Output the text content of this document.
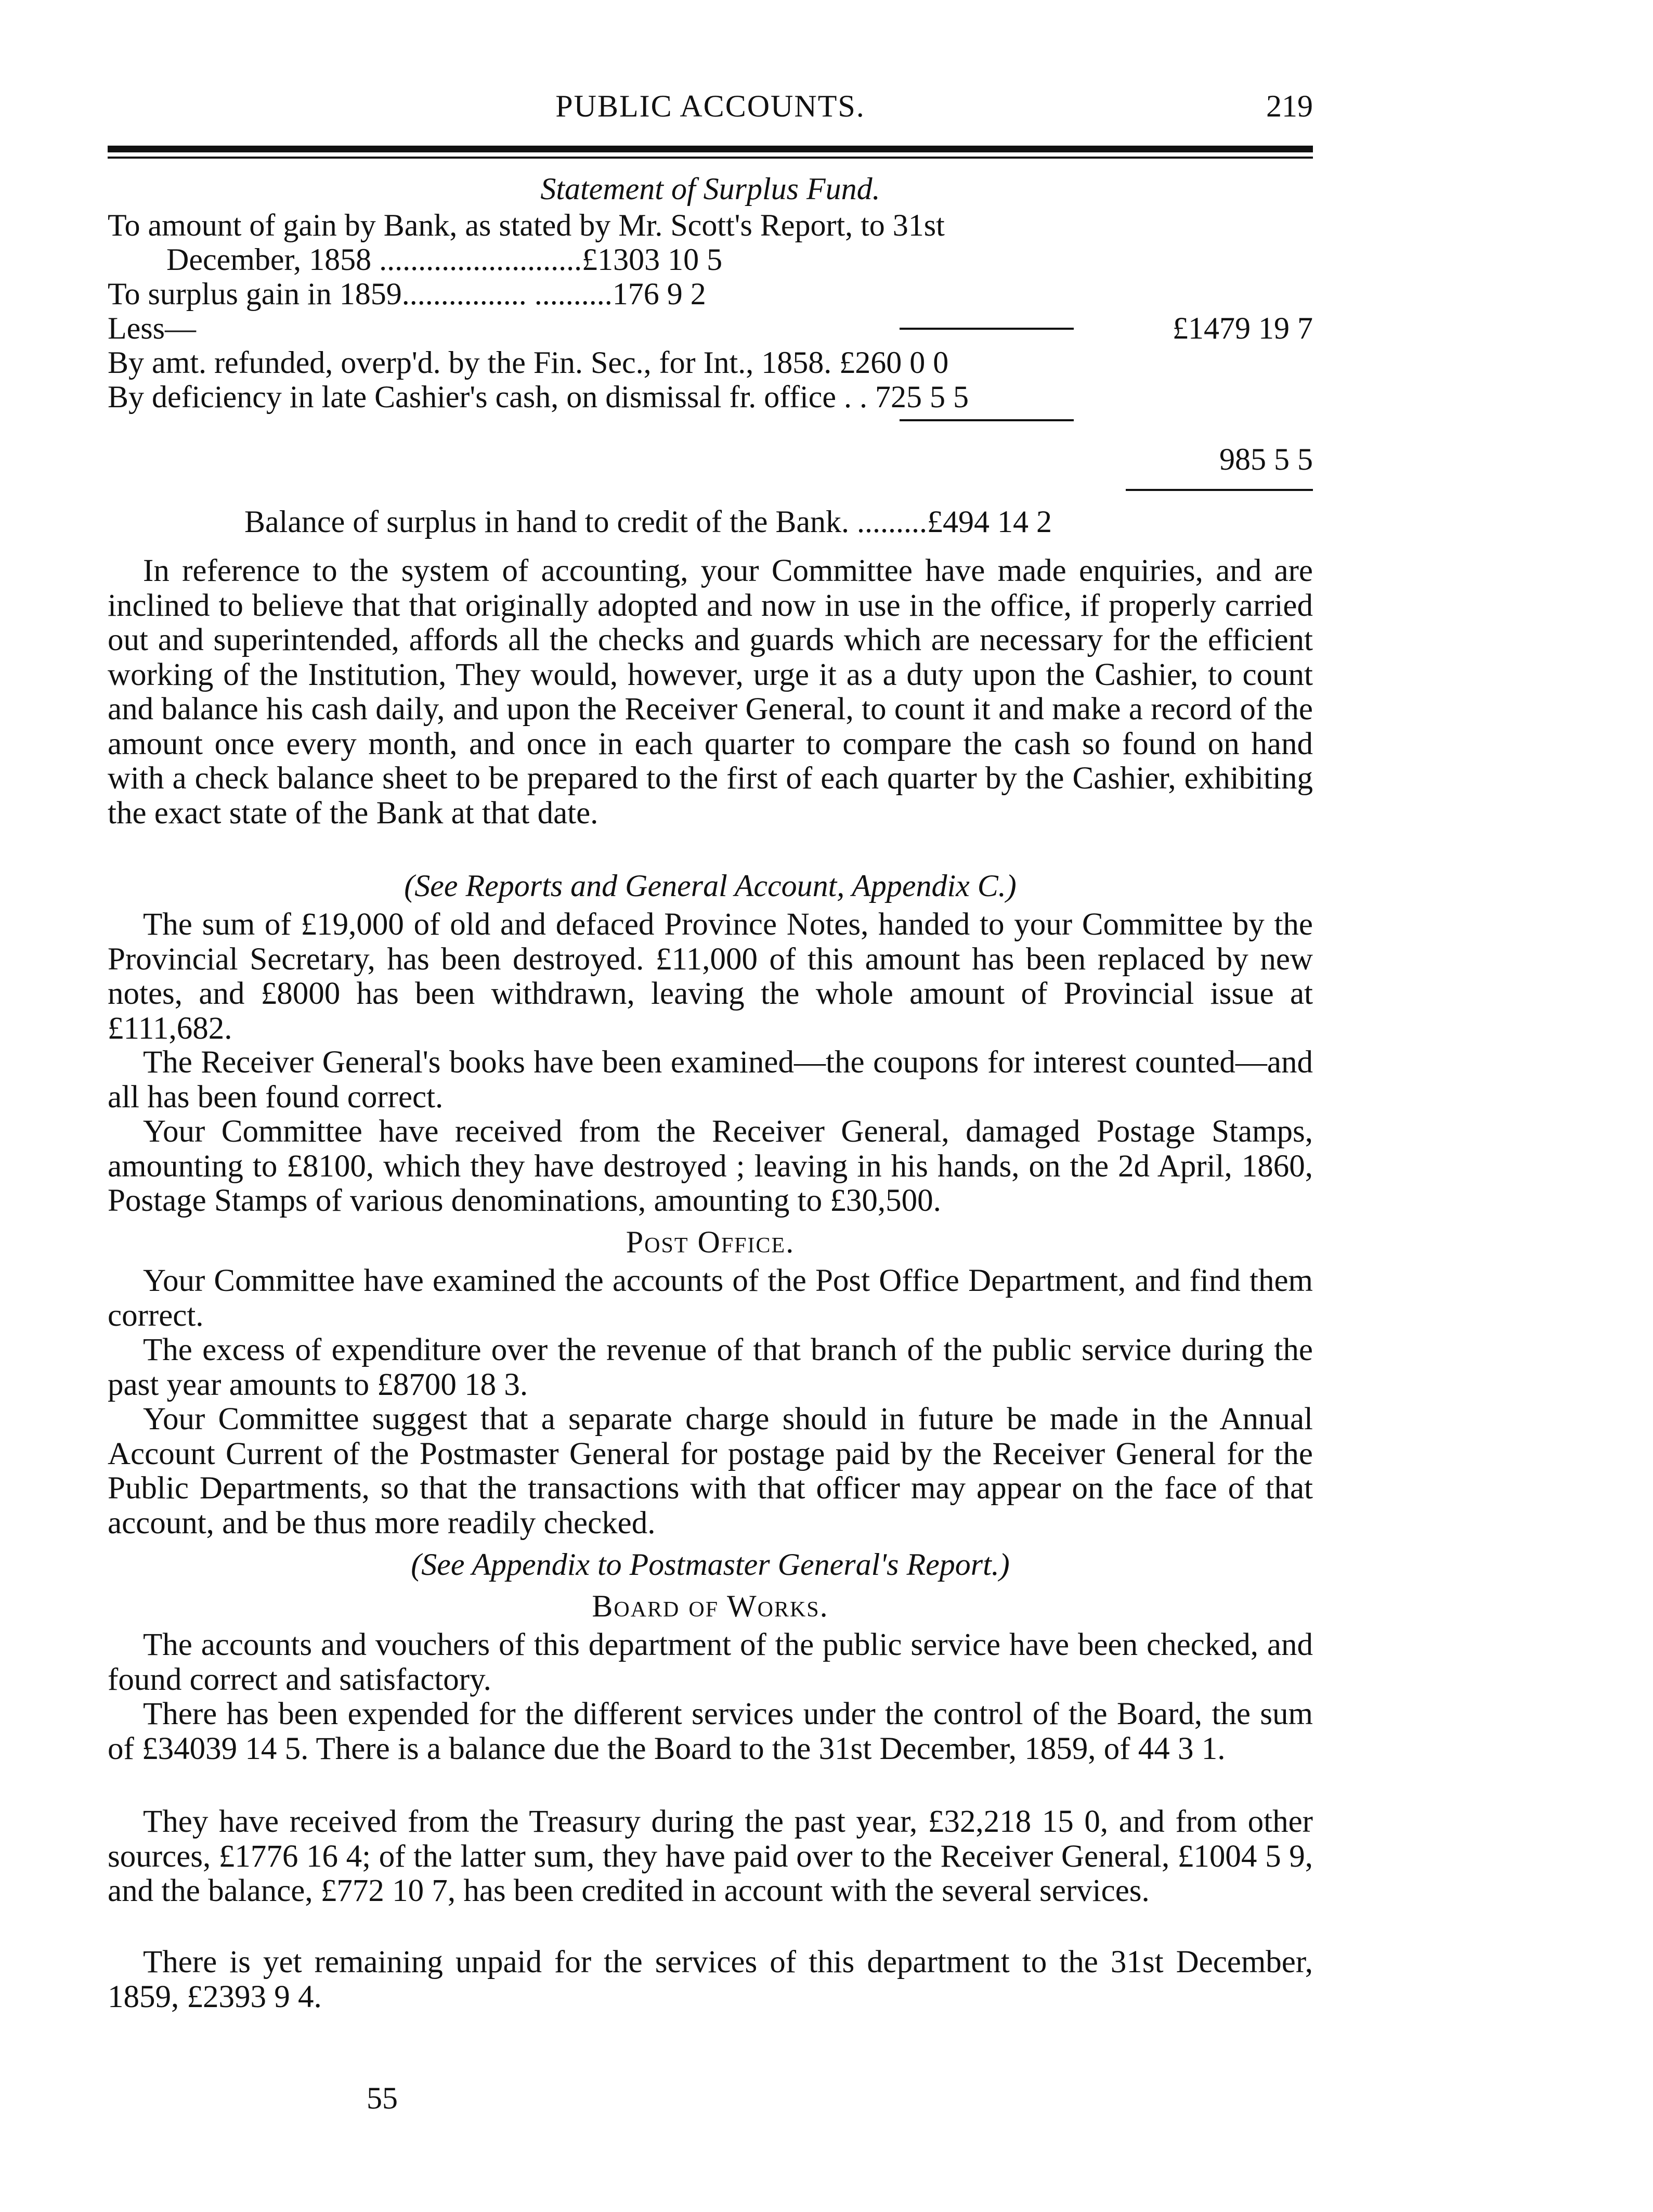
PUBLIC ACCOUNTS.	219
Statement of Surplus Fund.
To amount of gain by Bank, as stated by Mr. Scott's Report, to 31st
December, 1858 ..........................£1303 10 5
To surplus gain in 1859................ ..........176 9 2
Less—	£1479 19 7
By amt. refunded, overp'd. by the Fin. Sec., for Int., 1858. £260 0 0
By deficiency in late Cashier's cash, on dismissal fr. office . . 725 5 5
985 5 5
Balance of surplus in hand to credit of the Bank. .........£494 14 2

In reference to the system of accounting, your Committee have made enquiries, and are inclined to believe that that originally adopted and now in use in the office, if properly carried out and superintended, affords all the checks and guards which are necessary for the efficient working of the Institution, They would, however, urge it as a duty upon the Cashier, to count and balance his cash daily, and upon the Receiver General, to count it and make a record of the amount once every month, and once in each quarter to compare the cash so found on hand with a check balance sheet to be prepared to the first of each quarter by the Cashier, exhibiting the exact state of the Bank at that date.

(See Reports and General Account, Appendix C.)

The sum of £19,000 of old and defaced Province Notes, handed to your Committee by the Provincial Secretary, has been destroyed. £11,000 of this amount has been replaced by new notes, and £8000 has been withdrawn, leaving the whole amount of Provincial issue at £111,682.

The Receiver General's books have been examined—the coupons for interest counted—and all has been found correct.

Your Committee have received from the Receiver General, damaged Postage Stamps, amounting to £8100, which they have destroyed ; leaving in his hands, on the 2d April, 1860, Postage Stamps of various denominations, amounting to £30,500.

Post Office.

Your Committee have examined the accounts of the Post Office Department, and find them correct.

The excess of expenditure over the revenue of that branch of the public service during the past year amounts to £8700 18 3.

Your Committee suggest that a separate charge should in future be made in the Annual Account Current of the Postmaster General for postage paid by the Receiver General for the Public Departments, so that the transactions with that officer may appear on the face of that account, and be thus more readily checked.

(See Appendix to Postmaster General's Report.)
Board of Works.

The accounts and vouchers of this department of the public service have been checked, and found correct and satisfactory.

There has been expended for the different services under the control of the Board, the sum of £34039 14 5. There is a balance due the Board to the 31st December, 1859, of 44 3 1.

They have received from the Treasury during the past year, £32,218 15 0, and from other sources, £1776 16 4; of the latter sum, they have paid over to the Receiver General, £1004 5 9, and the balance, £772 10 7, has been credited in account with the several services.

There is yet remaining unpaid for the services of this department to the 31st December, 1859, £2393 9 4.

55
